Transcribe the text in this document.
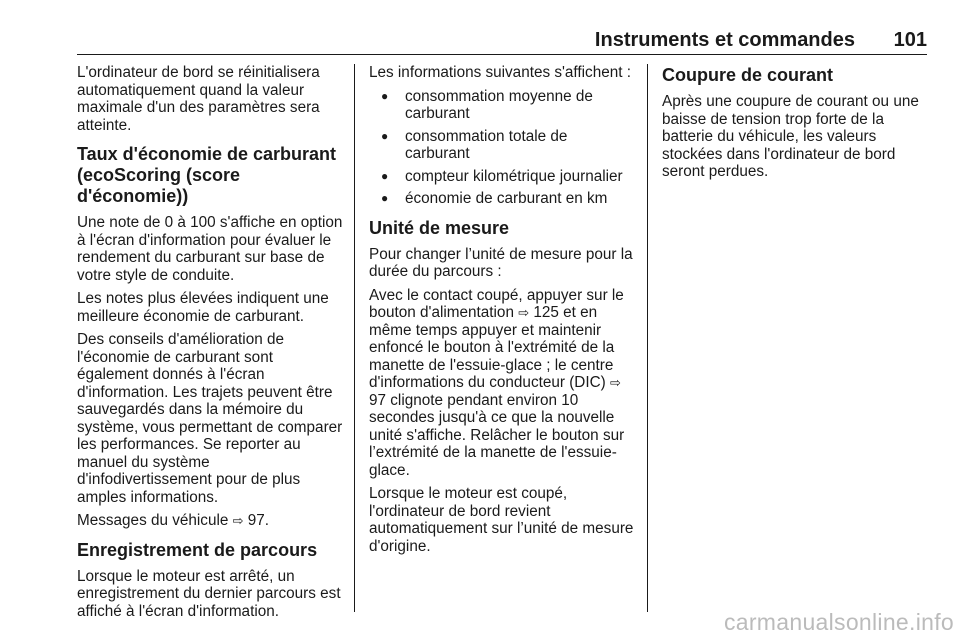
Instruments et commandes 101

L'ordinateur de bord se réinitialisera automatiquement quand la valeur maximale d'un des paramètres sera atteinte.

Taux d'économie de carburant (ecoScoring (score d'économie))

Une note de 0 à 100 s'affiche en option à l'écran d'information pour évaluer le rendement du carburant sur base de votre style de conduite.

Les notes plus élevées indiquent une meilleure économie de carburant.

Des conseils d'amélioration de l'économie de carburant sont également donnés à l'écran d'information. Les trajets peuvent être sauvegardés dans la mémoire du système, vous permettant de comparer les performances. Se reporter au manuel du système d'infodivertissement pour de plus amples informations.

Messages du véhicule ⇨ 97.

Enregistrement de parcours

Lorsque le moteur est arrêté, un enregistrement du dernier parcours est affiché à l'écran d'information.

Les informations suivantes s'affichent :

● consommation moyenne de carburant
● consommation totale de carburant
● compteur kilométrique journalier
● économie de carburant en km
Unité de mesure

Pour changer l’unité de mesure pour la durée du parcours :

Avec le contact coupé, appuyer sur le bouton d'alimentation ⇨ 125 et en même temps appuyer et maintenir enfoncé le bouton à l'extrémité de la manette de l'essuie-glace ; le centre d'informations du conducteur (DIC) ⇨ 97 clignote pendant environ 10 secondes jusqu'à ce que la nouvelle unité s'affiche. Relâcher le bouton sur l’extrémité de la manette de l'essuie-glace.

Lorsque le moteur est coupé, l'ordinateur de bord revient automatiquement sur l’unité de mesure d'origine.

Coupure de courant

Après une coupure de courant ou une baisse de tension trop forte de la batterie du véhicule, les valeurs stockées dans l'ordinateur de bord seront perdues.

carmanualsonline.info
